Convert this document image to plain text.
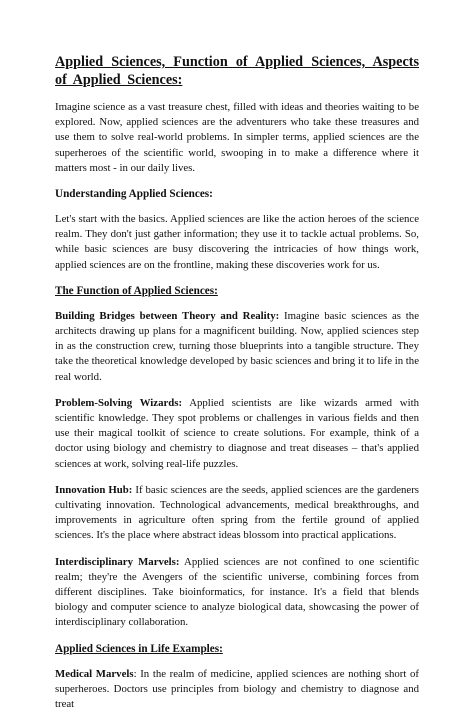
Applied Sciences, Function of Applied Sciences, Aspects of Applied Sciences:

Imagine science as a vast treasure chest, filled with ideas and theories waiting to be explored. Now, applied sciences are the adventurers who take these treasures and use them to solve real-world problems. In simpler terms, applied sciences are the superheroes of the scientific world, swooping in to make a difference where it matters most - in our daily lives.

Understanding Applied Sciences:

Let's start with the basics. Applied sciences are like the action heroes of the science realm. They don't just gather information; they use it to tackle actual problems. So, while basic sciences are busy discovering the intricacies of how things work, applied sciences are on the frontline, making these discoveries work for us.

The Function of Applied Sciences:

Building Bridges between Theory and Reality: Imagine basic sciences as the architects drawing up plans for a magnificent building. Now, applied sciences step in as the construction crew, turning those blueprints into a tangible structure. They take the theoretical knowledge developed by basic sciences and bring it to life in the real world.

Problem-Solving Wizards: Applied scientists are like wizards armed with scientific knowledge. They spot problems or challenges in various fields and then use their magical toolkit of science to create solutions. For example, think of a doctor using biology and chemistry to diagnose and treat diseases – that's applied sciences at work, solving real-life puzzles.

Innovation Hub: If basic sciences are the seeds, applied sciences are the gardeners cultivating innovation. Technological advancements, medical breakthroughs, and improvements in agriculture often spring from the fertile ground of applied sciences. It's the place where abstract ideas blossom into practical applications.

Interdisciplinary Marvels: Applied sciences are not confined to one scientific realm; they're the Avengers of the scientific universe, combining forces from different disciplines. Take bioinformatics, for instance. It's a field that blends biology and computer science to analyze biological data, showcasing the power of interdisciplinary collaboration.

Applied Sciences in Life Examples:

Medical Marvels: In the realm of medicine, applied sciences are nothing short of superheroes. Doctors use principles from biology and chemistry to diagnose and treat
